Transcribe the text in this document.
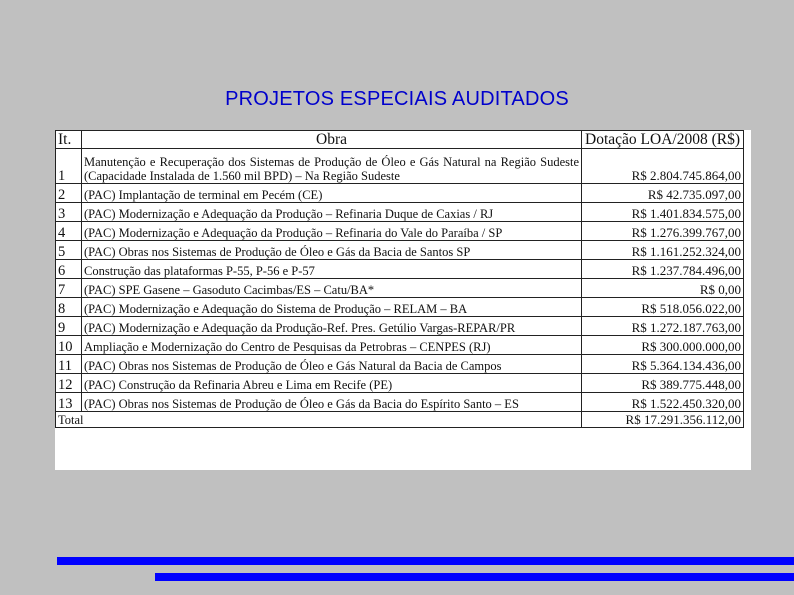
PROJETOS ESPECIAIS AUDITADOS
It.	Obra	Dotação LOA/2008 (R$)
1	Manutenção e Recuperação dos Sistemas de Produção de Óleo e Gás Natural na Região Sudeste (Capacidade Instalada de 1.560 mil BPD) – Na Região Sudeste	R$ 2.804.745.864,00
2	(PAC) Implantação de terminal em Pecém (CE)	R$ 42.735.097,00
3	(PAC) Modernização e Adequação da Produção – Refinaria Duque de Caxias / RJ	R$ 1.401.834.575,00
4	(PAC) Modernização e Adequação da Produção – Refinaria do Vale do Paraíba / SP	R$ 1.276.399.767,00
5	(PAC) Obras nos Sistemas de Produção de Óleo e Gás da Bacia de Santos SP	R$ 1.161.252.324,00
6	Construção das plataformas P-55, P-56 e P-57	R$ 1.237.784.496,00
7	(PAC) SPE Gasene – Gasoduto Cacimbas/ES – Catu/BA*	R$ 0,00
8	(PAC) Modernização e Adequação do Sistema de Produção – RELAM – BA	R$ 518.056.022,00
9	(PAC) Modernização e Adequação da Produção-Ref. Pres. Getúlio Vargas-REPAR/PR	R$ 1.272.187.763,00
10	Ampliação e Modernização do Centro de Pesquisas da Petrobras – CENPES (RJ)	R$ 300.000.000,00
11	(PAC) Obras nos Sistemas de Produção de Óleo e Gás Natural da Bacia de Campos	R$ 5.364.134.436,00
12	(PAC) Construção da Refinaria Abreu e Lima em Recife (PE)	R$ 389.775.448,00
13	(PAC) Obras nos Sistemas de Produção de Óleo e Gás da Bacia do Espírito Santo – ES	R$ 1.522.450.320,00
Total		R$ 17.291.356.112,00
